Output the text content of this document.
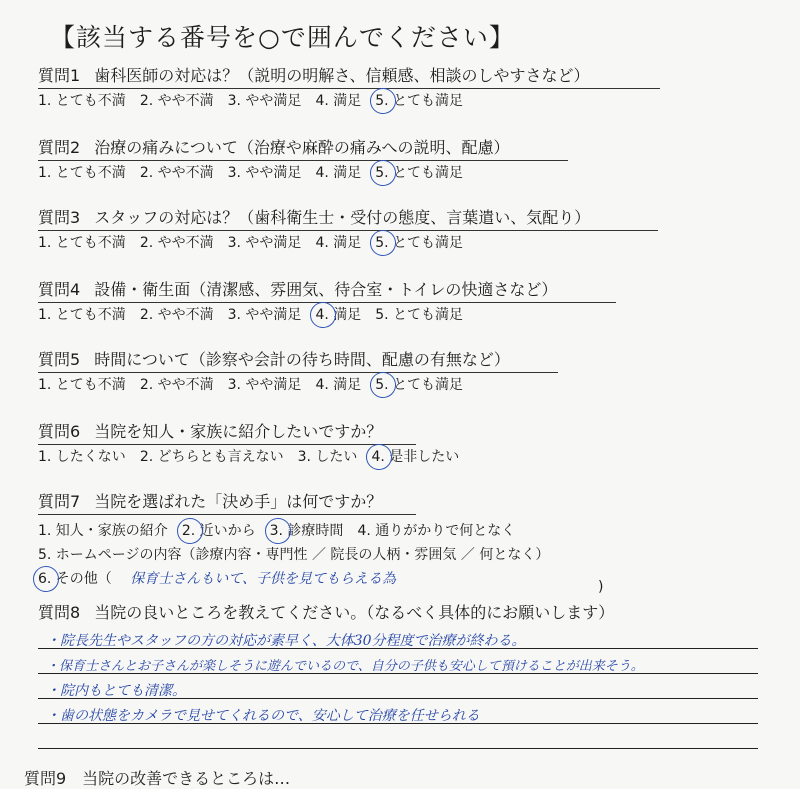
【該当する番号を○で囲んでください】
質問1 歯科医師の対応は？（説明の明解さ、信頼感、相談のしやすさなど）
1. とても不満 2. やや不満 3. やや満足 4. 満足 5. とても満足
質問2 治療の痛みについて（治療や麻酔の痛みへの説明、配慮）
1. とても不満 2. やや不満 3. やや満足 4. 満足 5. とても満足
質問3 スタッフの対応は？（歯科衛生士・受付の態度、言葉遣い、気配り）
1. とても不満 2. やや不満 3. やや満足 4. 満足 5. とても満足
質問4 設備・衛生面（清潔感、雰囲気、待合室・トイレの快適さなど）
1. とても不満 2. やや不満 3. やや満足 4. 満足 5. とても満足
質問5 時間について（診察や会計の待ち時間、配慮の有無など）
1. とても不満 2. やや不満 3. やや満足 4. 満足 5. とても満足
質問6 当院を知人・家族に紹介したいですか？
1. したくない 2. どちらとも言えない 3. したい 4. 是非したい
質問7 当院を選ばれた「決め手」は何ですか？
1. 知人・家族の紹介 2. 近いから 3. 診療時間 4. 通りがかりで何となく
5. ホームページの内容（診療内容・専門性 ／ 院長の人柄・雰囲気 ／ 何となく）
6. その他（ 保育士さんもいて、子供を見てもらえる為	)
質問8 当院の良いところを教えてください。（なるべく具体的にお願いします）
・院長先生やスタッフの方の対応が素早く、大体30分程度で治療が終わる。
・保育士さんとお子さんが楽しそうに遊んでいるので、自分の子供も安心して預けることが出来そう。
・院内もとても清潔。
・歯の状態をカメラで見せてくれるので、安心して治療を任せられる
質問9　当院の改善できるところは…
